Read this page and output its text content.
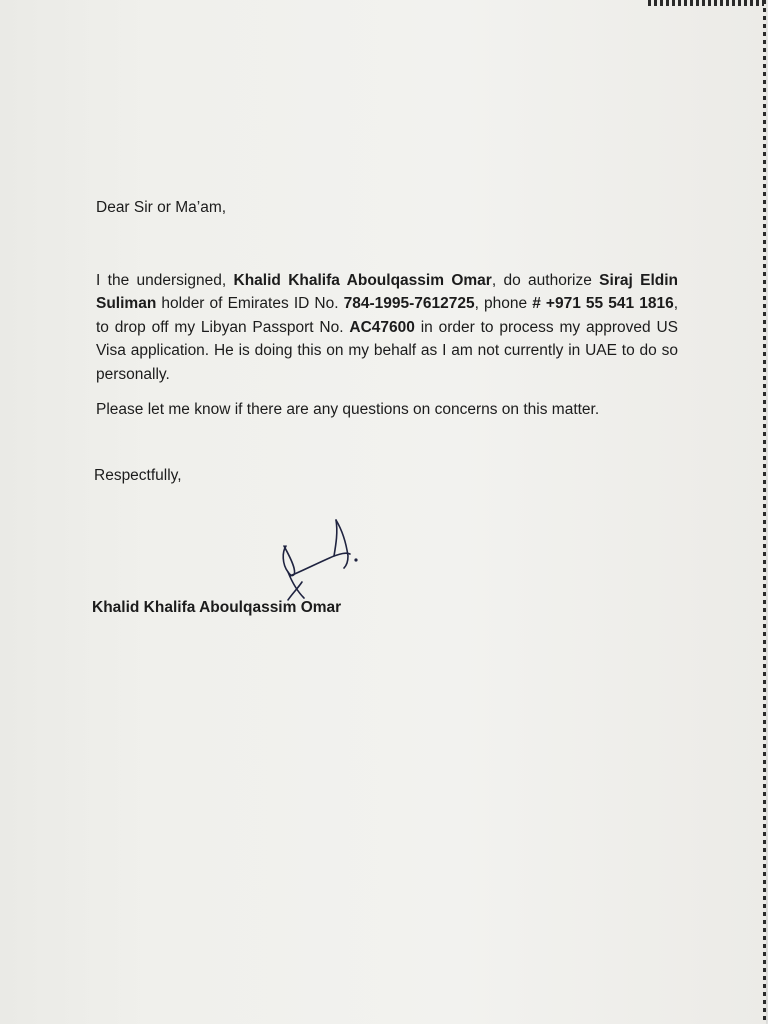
Dear Sir or Ma’am,

I the undersigned, Khalid Khalifa Aboulqassim Omar, do authorize Siraj Eldin Suliman holder of Emirates ID No. 784-1995-7612725, phone # +971 55 541 1816, to drop off my Libyan Passport No. AC47600 in order to process my approved US Visa application. He is doing this on my behalf as I am not currently in UAE to do so personally.

Please let me know if there are any questions on concerns on this matter.

Respectfully,

Khalid Khalifa Aboulqassim Omar
